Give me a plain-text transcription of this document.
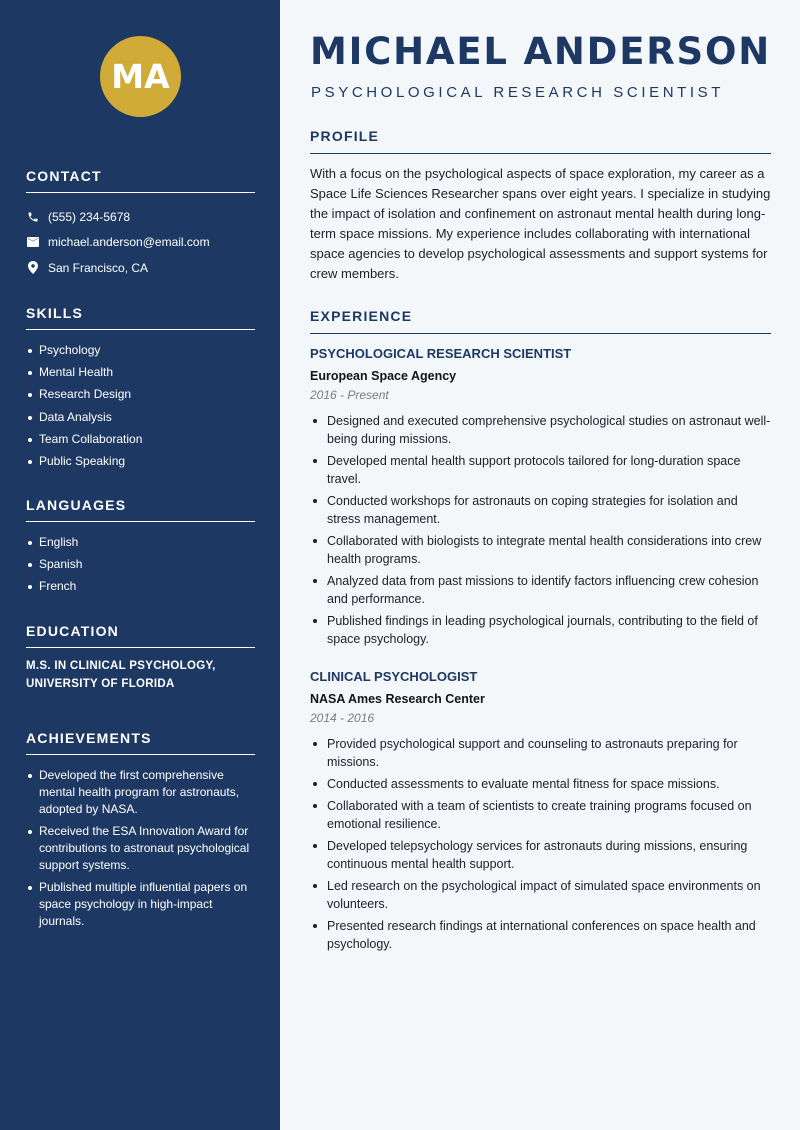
MA
CONTACT
(555) 234-5678
michael.anderson@email.com
San Francisco, CA
SKILLS
Psychology
Mental Health
Research Design
Data Analysis
Team Collaboration
Public Speaking
LANGUAGES
English
Spanish
French
EDUCATION
M.S. IN CLINICAL PSYCHOLOGY, UNIVERSITY OF FLORIDA
ACHIEVEMENTS
Developed the first comprehensive mental health program for astronauts, adopted by NASA.
Received the ESA Innovation Award for contributions to astronaut psychological support systems.
Published multiple influential papers on space psychology in high-impact journals.
MICHAEL ANDERSON
PSYCHOLOGICAL RESEARCH SCIENTIST
PROFILE
With a focus on the psychological aspects of space exploration, my career as a Space Life Sciences Researcher spans over eight years. I specialize in studying the impact of isolation and confinement on astronaut mental health during long-term space missions. My experience includes collaborating with international space agencies to develop psychological assessments and support systems for crew members.
EXPERIENCE
PSYCHOLOGICAL RESEARCH SCIENTIST
European Space Agency
2016 - Present
Designed and executed comprehensive psychological studies on astronaut well-being during missions.
Developed mental health support protocols tailored for long-duration space travel.
Conducted workshops for astronauts on coping strategies for isolation and stress management.
Collaborated with biologists to integrate mental health considerations into crew health programs.
Analyzed data from past missions to identify factors influencing crew cohesion and performance.
Published findings in leading psychological journals, contributing to the field of space psychology.
CLINICAL PSYCHOLOGIST
NASA Ames Research Center
2014 - 2016
Provided psychological support and counseling to astronauts preparing for missions.
Conducted assessments to evaluate mental fitness for space missions.
Collaborated with a team of scientists to create training programs focused on emotional resilience.
Developed telepsychology services for astronauts during missions, ensuring continuous mental health support.
Led research on the psychological impact of simulated space environments on volunteers.
Presented research findings at international conferences on space health and psychology.
